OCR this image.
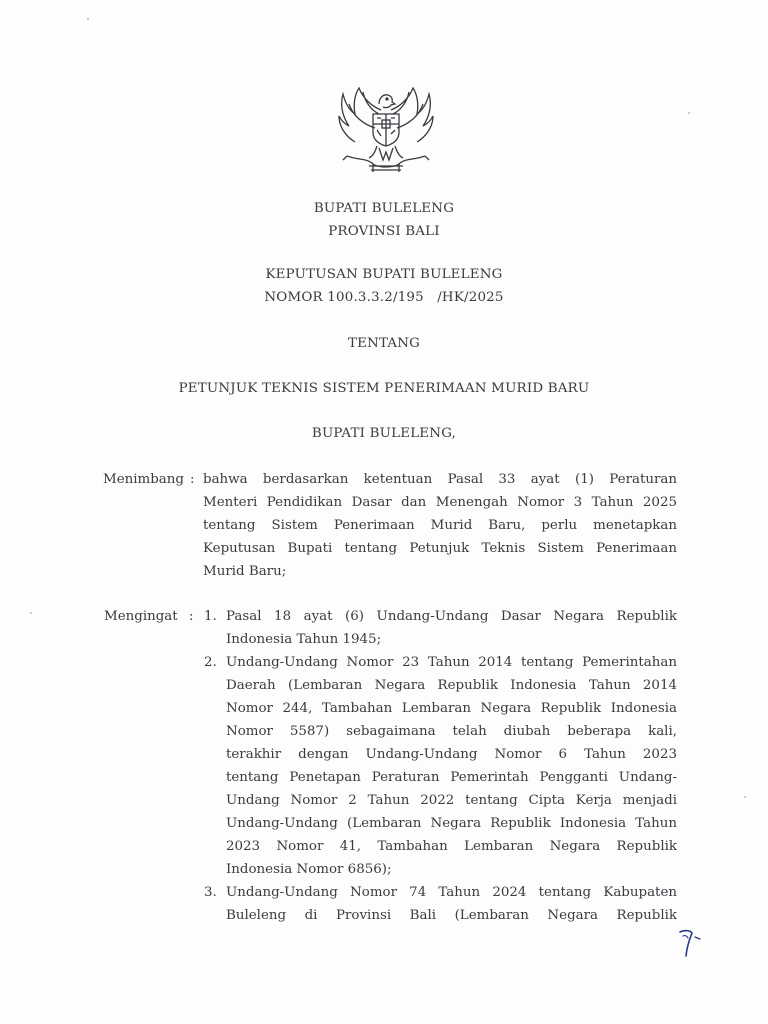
BUPATI BULELENG
PROVINSI BALI
KEPUTUSAN BUPATI BULELENG
NOMOR 100.3.3.2/195   /HK/2025
TENTANG
PETUNJUK TEKNIS SISTEM PENERIMAAN MURID BARU
BUPATI BULELENG,
Menimbang : bahwa berdasarkan ketentuan Pasal 33 ayat (1) Peraturan
Menteri Pendidikan Dasar dan Menengah Nomor 3 Tahun 2025
tentang Sistem Penerimaan Murid Baru, perlu menetapkan
Keputusan Bupati tentang Petunjuk Teknis Sistem Penerimaan
Murid Baru;
Mengingat : 1. Pasal 18 ayat (6) Undang-Undang Dasar Negara Republik
Indonesia Tahun 1945;
2. Undang-Undang Nomor 23 Tahun 2014 tentang Pemerintahan
Daerah (Lembaran Negara Republik Indonesia Tahun 2014
Nomor 244, Tambahan Lembaran Negara Republik Indonesia
Nomor 5587) sebagaimana telah diubah beberapa kali,
terakhir dengan Undang-Undang Nomor 6 Tahun 2023
tentang Penetapan Peraturan Pemerintah Pengganti Undang-
Undang Nomor 2 Tahun 2022 tentang Cipta Kerja menjadi
Undang-Undang (Lembaran Negara Republik Indonesia Tahun
2023 Nomor 41, Tambahan Lembaran Negara Republik
Indonesia Nomor 6856);
3. Undang-Undang Nomor 74 Tahun 2024 tentang Kabupaten
Buleleng di Provinsi Bali (Lembaran Negara Republik
